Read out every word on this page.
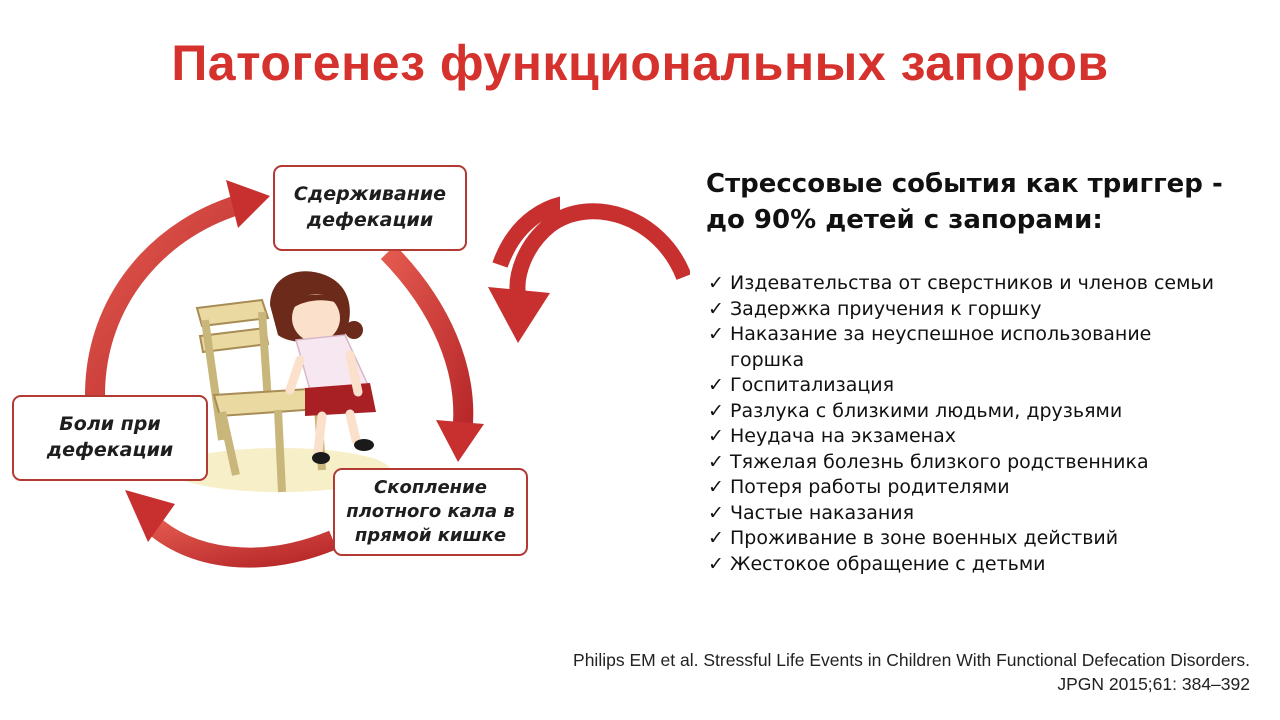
Патогенез функциональных запоров
Сдерживание
дефекации
Скопление
плотного кала в
прямой кишке
Боли при
дефекации
Стрессовые события как триггер -
до 90% детей с запорами:
✓ Издевательства от сверстников и членов семьи
✓ Задержка приучения к горшку
✓ Наказание за неуспешное использование горшка
✓ Госпитализация
✓ Разлука с близкими людьми, друзьями
✓ Неудача на экзаменах
✓ Тяжелая болезнь близкого родственника
✓ Потеря работы родителями
✓ Частые наказания
✓ Проживание в зоне военных действий
✓ Жестокое обращение с детьми
Philips EM et al. Stressful Life Events in Children With Functional Defecation Disorders.
JPGN 2015;61: 384–392
